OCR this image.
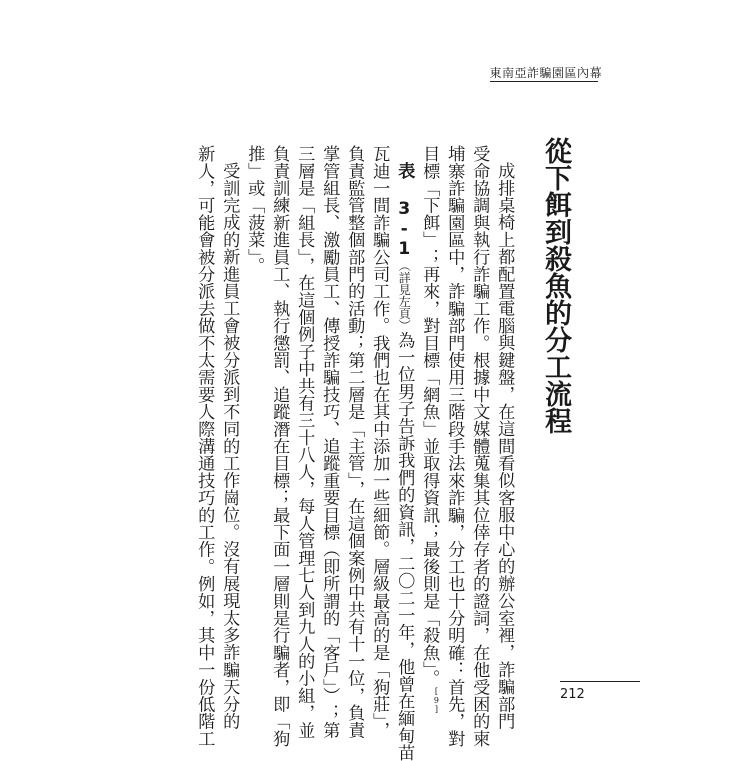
東南亞詐騙園區內幕
從下餌到殺魚的分工流程
成排桌椅上都配置電腦與鍵盤，在這間看似客服中心的辦公室裡，詐騙部門
受命協調與執行詐騙工作。根據中文媒體蒐集其位倖存者的證詞，在他受困的柬
埔寨詐騙園區中，詐騙部門使用三階段手法來詐騙，分工也十分明確：首先，對
目標「下餌」；再來，對目標「網魚」並取得資訊；最後則是「殺魚」。[9]
表 3-1（詳見左頁）為一位男子告訴我們的資訊，二〇二一年，他曾在緬甸苗
瓦迪一間詐騙公司工作。我們也在其中添加一些細節。層級最高的是「狗莊」，
負責監管整個部門的活動；第二層是「主管」，在這個案例中共有十一位，負責
掌管組長、激勵員工、傳授詐騙技巧、追蹤重要目標（即所謂的「客戶」）；第
三層是「組長」，在這個例子中共有三十八人，每人管理七人到九人的小組，並
負責訓練新進員工、執行懲罰、追蹤潛在目標；最下面一層則是行騙者，即「狗
推」或「菠菜」。
受訓完成的新進員工會被分派到不同的工作崗位。沒有展現太多詐騙天分的
新人，可能會被分派去做不太需要人際溝通技巧的工作。例如，其中一份低階工	212
